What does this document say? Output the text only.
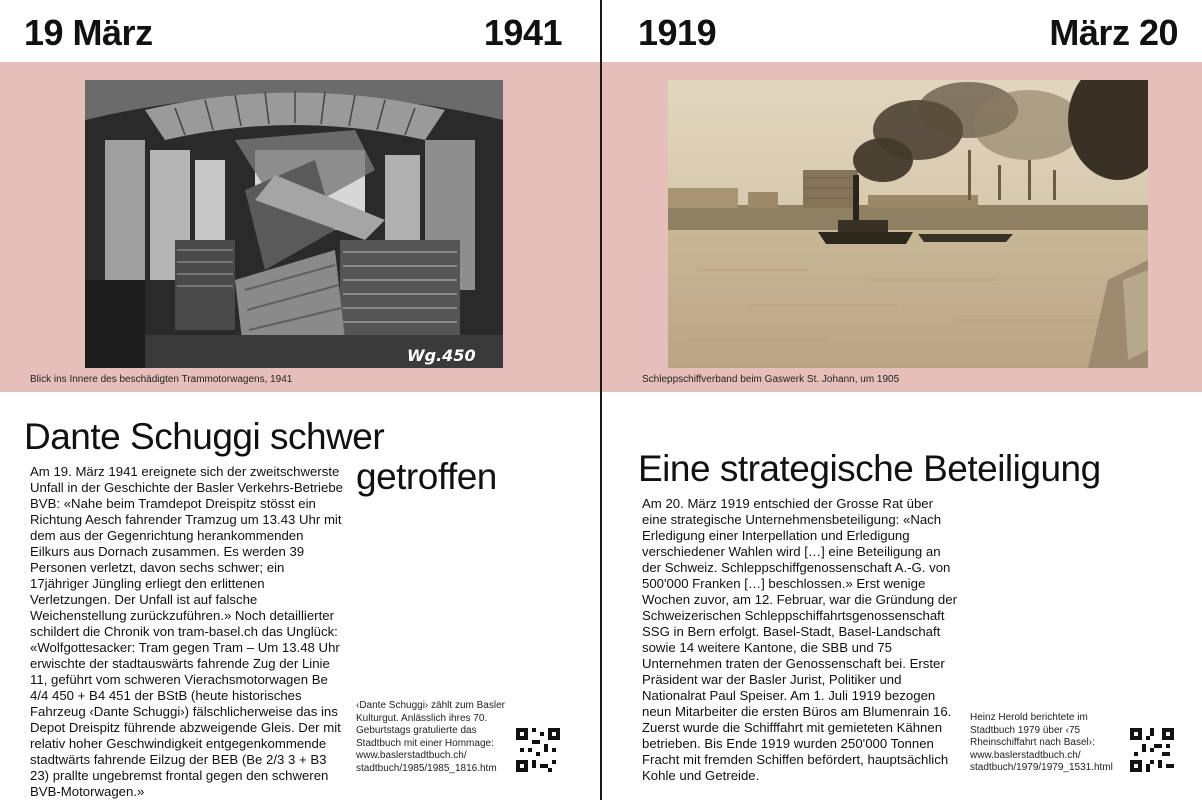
19 März	1941
Wg.450
Blick ins Innere des beschädigten Trammotorwagens, 1941
Dante Schuggi schwer
getroffen

Am 19. März 1941 ereignete sich der zweitschwerste Unfall in der Geschichte der Basler Verkehrs-Betriebe BVB: «Nahe beim Tramdepot Dreispitz stösst ein Richtung Aesch fahrender Tramzug um 13.43 Uhr mit dem aus der Gegenrichtung herankommenden Eilkurs aus Dornach zusammen. Es werden 39 Personen verletzt, davon sechs schwer; ein 17jähriger Jüngling erliegt den erlittenen Verletzungen. Der Unfall ist auf falsche Weichenstellung zurückzuführen.» Noch detaillierter schildert die Chronik von tram-basel.ch das Unglück: «Wolfgottesacker: Tram gegen Tram – Um 13.48 Uhr erwischte der stadtauswärts fahrende Zug der Linie 11, geführt vom schweren Vierachsmotorwagen Be 4/4 450 + B4 451 der BStB (heute historisches Fahrzeug ‹Dante Schuggi›) fälschlicherweise das ins Depot Dreispitz führende abzweigende Gleis. Der mit relativ hoher Geschwindigkeit entgegenkommende stadtwärts fahrende Eilzug der BEB (Be 2/3 3 + B3 23) prallte ungebremst frontal gegen den schweren BVB-Motorwagen.»

‹Dante Schuggi› zählt zum Basler Kulturgut. Anlässlich ihres 70. Geburtstags gratulierte das Stadtbuch mit einer Hommage: www.baslerstadtbuch.ch/ stadtbuch/1985/1985_1816.htm
1919	März 20
Schleppschiffverband beim Gaswerk St. Johann, um 1905
Eine strategische Beteiligung

Am 20. März 1919 entschied der Grosse Rat über eine strategische Unternehmensbeteiligung: «Nach Erledigung einer Interpellation und Erledigung verschiedener Wahlen wird […] eine Beteiligung an der Schweiz. Schleppschiffgenossenschaft A.-G. von 500'000 Franken […] beschlossen.» Erst wenige Wochen zuvor, am 12. Februar, war die Gründung der Schweizerischen Schleppschiffahrtsgenossenschaft SSG in Bern erfolgt. Basel-Stadt, Basel-Landschaft sowie 14 weitere Kantone, die SBB und 75 Unternehmen traten der Genossenschaft bei. Erster Präsident war der Basler Jurist, Politiker und Nationalrat Paul Speiser. Am 1. Juli 1919 bezogen neun Mitarbeiter die ersten Büros am Blumenrain 16. Zuerst wurde die Schifffahrt mit gemieteten Kähnen betrieben. Bis Ende 1919 wurden 250'000 Tonnen Fracht mit fremden Schiffen befördert, hauptsächlich Kohle und Getreide.

Heinz Herold berichtete im Stadtbuch 1979 über ‹75 Rheinschiffahrt nach Basel›: www.baslerstadtbuch.ch/ stadtbuch/1979/1979_1531.html
